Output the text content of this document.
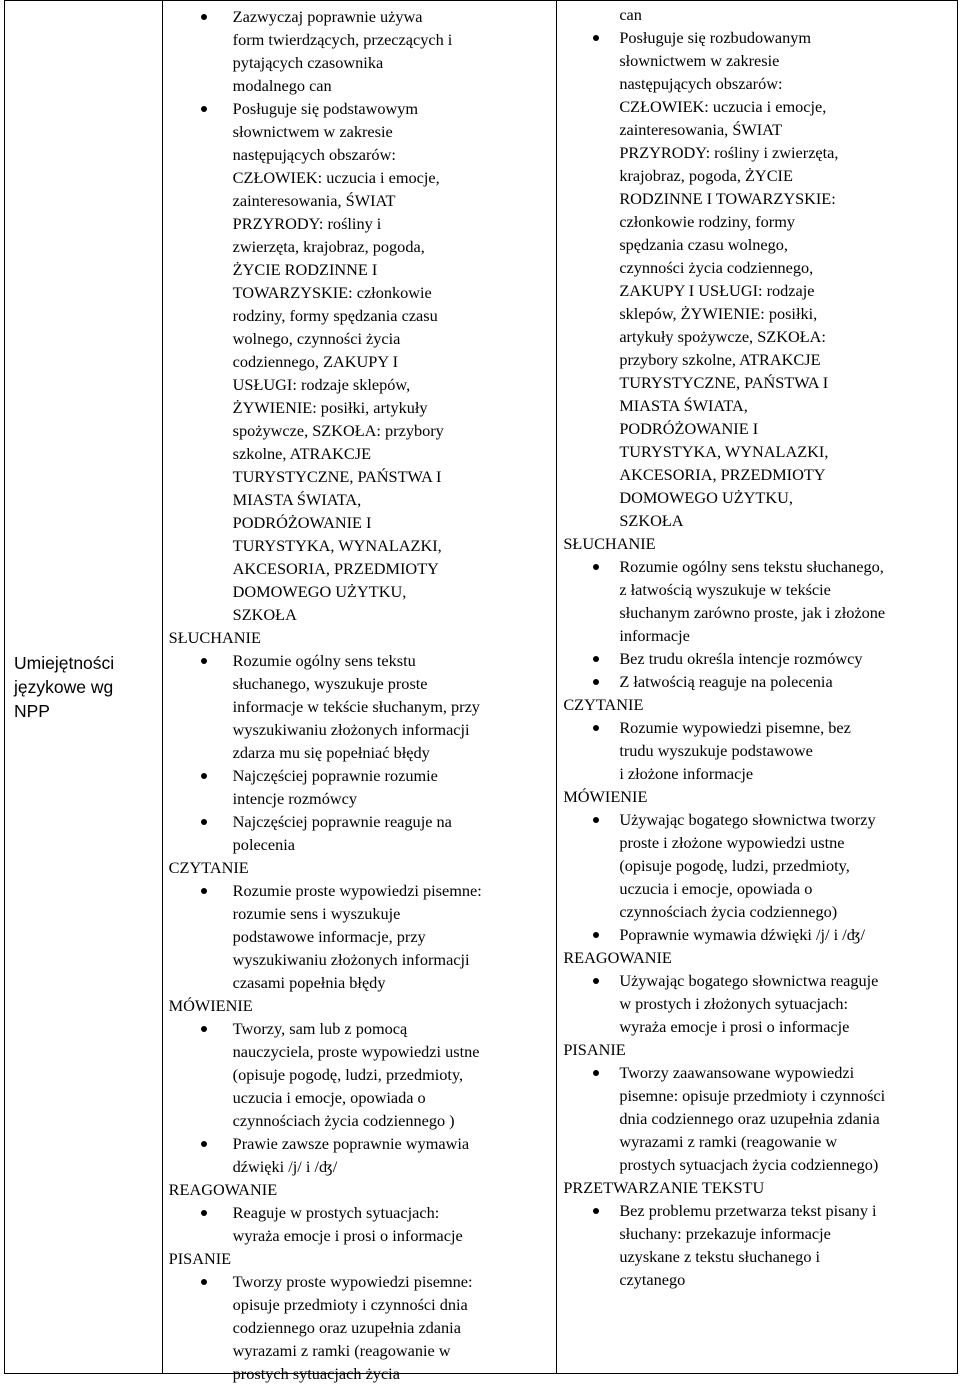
Umiejętności
językowe wg
NPP

Zazwyczaj poprawnie używa
form twierdzących, przeczących i
pytających czasownika
modalnego can
Posługuje się podstawowym
słownictwem w zakresie
następujących obszarów:
CZŁOWIEK: uczucia i emocje,
zainteresowania, ŚWIAT
PRZYRODY: rośliny i
zwierzęta, krajobraz, pogoda,
ŻYCIE RODZINNE I
TOWARZYSKIE: członkowie
rodziny, formy spędzania czasu
wolnego, czynności życia
codziennego, ZAKUPY I
USŁUGI: rodzaje sklepów,
ŻYWIENIE: posiłki, artykuły
spożywcze, SZKOŁA: przybory
szkolne, ATRAKCJE
TURYSTYCZNE, PAŃSTWA I
MIASTA ŚWIATA,
PODRÓŻOWANIE I
TURYSTYKA, WYNALAZKI,
AKCESORIA, PRZEDMIOTY
DOMOWEGO UŻYTKU,
SZKOŁA
SŁUCHANIE
Rozumie ogólny sens tekstu
słuchanego, wyszukuje proste
informacje w tekście słuchanym, przy
wyszukiwaniu złożonych informacji
zdarza mu się popełniać błędy
Najczęściej poprawnie rozumie
intencje rozmówcy
Najczęściej poprawnie reaguje na
polecenia
CZYTANIE
Rozumie proste wypowiedzi pisemne:
rozumie sens i wyszukuje
podstawowe informacje, przy
wyszukiwaniu złożonych informacji
czasami popełnia błędy
MÓWIENIE
Tworzy, sam lub z pomocą
nauczyciela, proste wypowiedzi ustne
(opisuje pogodę, ludzi, przedmioty,
uczucia i emocje, opowiada o
czynnościach życia codziennego )
Prawie zawsze poprawnie wymawia
dźwięki /j/ i /ʤ/
REAGOWANIE
Reaguje w prostych sytuacjach:
wyraża emocje i prosi o informacje
PISANIE
Tworzy proste wypowiedzi pisemne:
opisuje przedmioty i czynności dnia
codziennego oraz uzupełnia zdania
wyrazami z ramki (reagowanie w
prostych sytuacjach życia

can
Posługuje się rozbudowanym
słownictwem w zakresie
następujących obszarów:
CZŁOWIEK: uczucia i emocje,
zainteresowania, ŚWIAT
PRZYRODY: rośliny i zwierzęta,
krajobraz, pogoda, ŻYCIE
RODZINNE I TOWARZYSKIE:
członkowie rodziny, formy
spędzania czasu wolnego,
czynności życia codziennego,
ZAKUPY I USŁUGI: rodzaje
sklepów, ŻYWIENIE: posiłki,
artykuły spożywcze, SZKOŁA:
przybory szkolne, ATRAKCJE
TURYSTYCZNE, PAŃSTWA I
MIASTA ŚWIATA,
PODRÓŻOWANIE I
TURYSTYKA, WYNALAZKI,
AKCESORIA, PRZEDMIOTY
DOMOWEGO UŻYTKU,
SZKOŁA
SŁUCHANIE
Rozumie ogólny sens tekstu słuchanego,
z łatwością wyszukuje w tekście
słuchanym zarówno proste, jak i złożone
informacje
Bez trudu określa intencje rozmówcy
Z łatwością reaguje na polecenia
CZYTANIE
Rozumie wypowiedzi pisemne, bez
trudu wyszukuje podstawowe
i złożone informacje
MÓWIENIE
Używając bogatego słownictwa tworzy
proste i złożone wypowiedzi ustne
(opisuje pogodę, ludzi, przedmioty,
uczucia i emocje, opowiada o
czynnościach życia codziennego)
Poprawnie wymawia dźwięki /j/ i /ʤ/
REAGOWANIE
Używając bogatego słownictwa reaguje
w prostych i złożonych sytuacjach:
wyraża emocje i prosi o informacje
PISANIE
Tworzy zaawansowane wypowiedzi
pisemne: opisuje przedmioty i czynności
dnia codziennego oraz uzupełnia zdania
wyrazami z ramki (reagowanie w
prostych sytuacjach życia codziennego)
PRZETWARZANIE TEKSTU
Bez problemu przetwarza tekst pisany i
słuchany: przekazuje informacje
uzyskane z tekstu słuchanego i
czytanego
